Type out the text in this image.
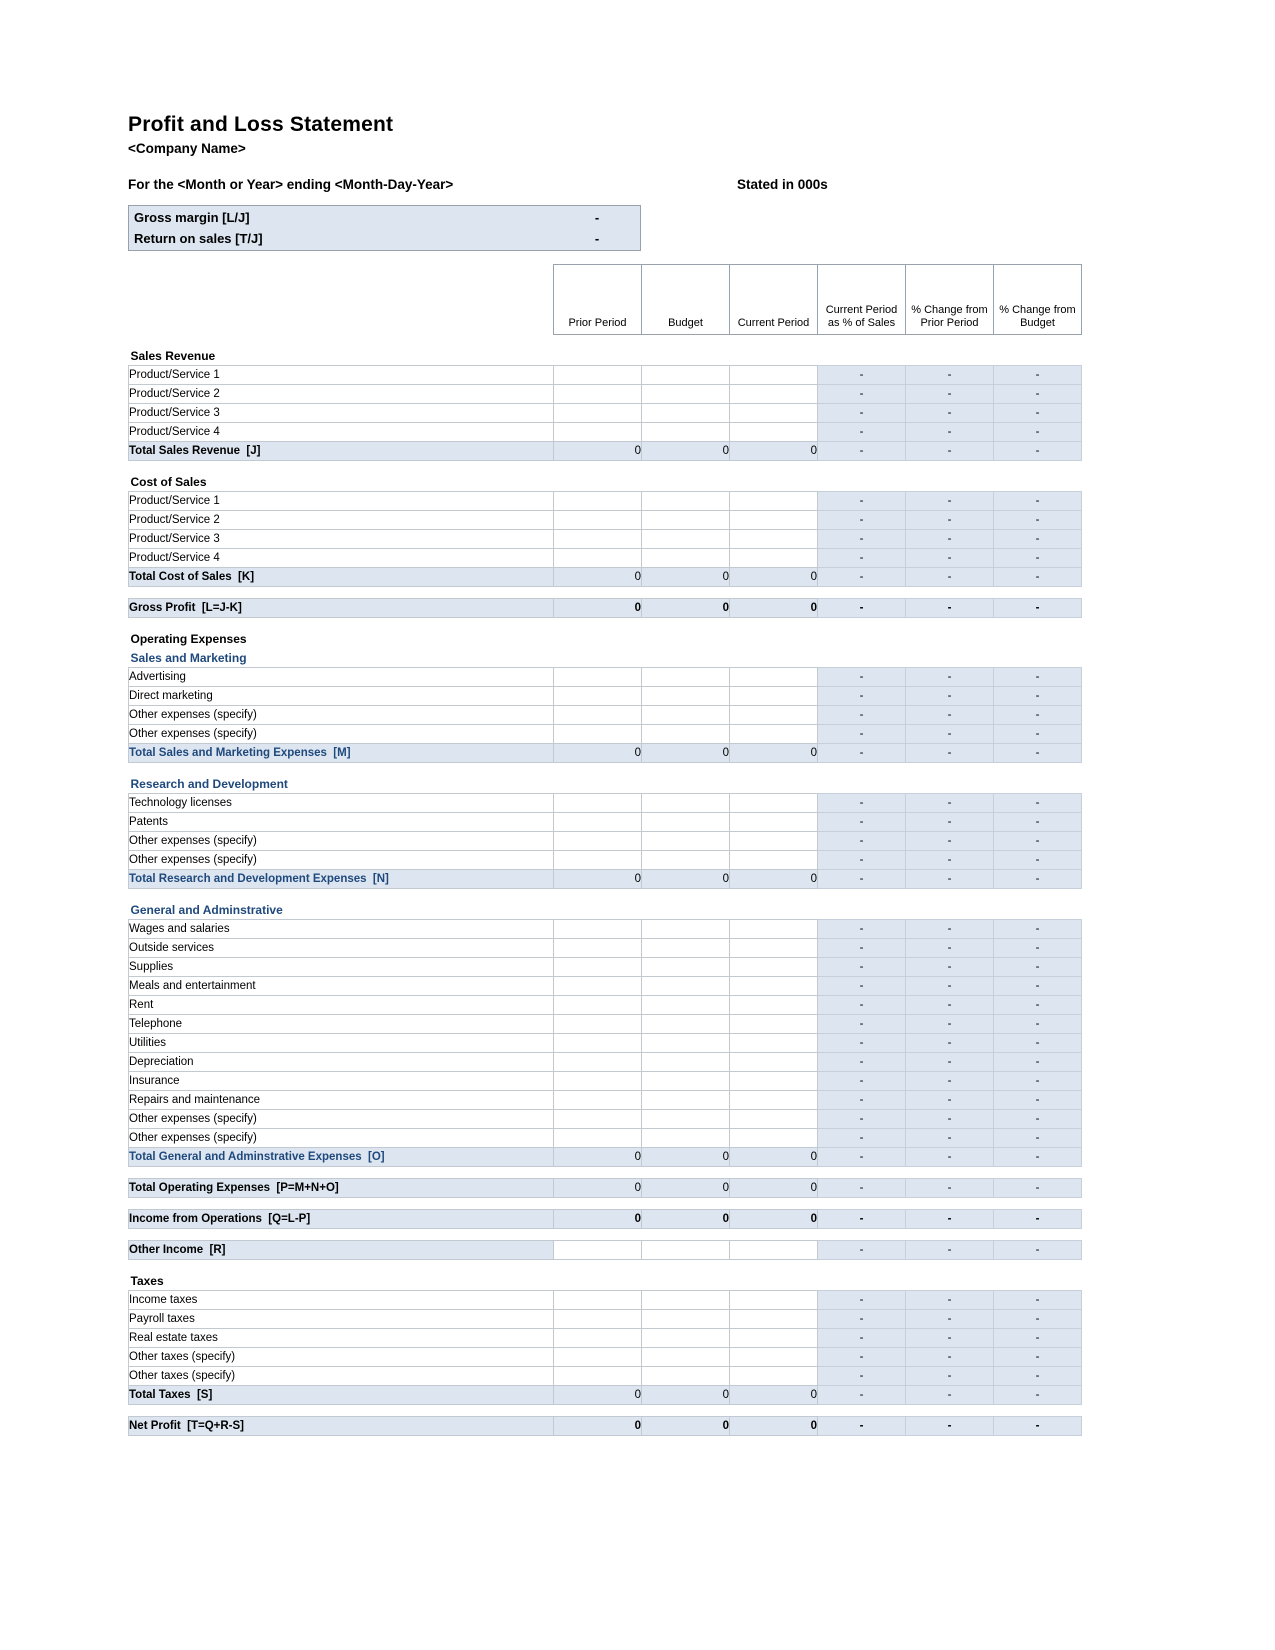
Profit and Loss Statement
<Company Name>
For the <Month or Year> ending <Month-Day-Year>	Stated in 000s
Gross margin [L/J]	-
Return on sales [T/J]	-
	Prior Period	Budget	Current Period	Current Period as % of Sales	% Change from Prior Period	% Change from Budget

Sales Revenue						
Product/Service 1				-	-	-
Product/Service 2				-	-	-
Product/Service 3				-	-	-
Product/Service 4				-	-	-
Total Sales Revenue  [J]	0	0	0	-	-	-

Cost of Sales						
Product/Service 1				-	-	-
Product/Service 2				-	-	-
Product/Service 3				-	-	-
Product/Service 4				-	-	-
Total Cost of Sales  [K]	0	0	0	-	-	-

Gross Profit  [L=J-K]	0	0	0	-	-	-

Operating Expenses						
Sales and Marketing						
Advertising				-	-	-
Direct marketing				-	-	-
Other expenses (specify)				-	-	-
Other expenses (specify)				-	-	-
Total Sales and Marketing Expenses  [M]	0	0	0	-	-	-

Research and Development						
Technology licenses				-	-	-
Patents				-	-	-
Other expenses (specify)				-	-	-
Other expenses (specify)				-	-	-
Total Research and Development Expenses  [N]	0	0	0	-	-	-

General and Adminstrative						
Wages and salaries				-	-	-
Outside services				-	-	-
Supplies				-	-	-
Meals and entertainment				-	-	-
Rent				-	-	-
Telephone				-	-	-
Utilities				-	-	-
Depreciation				-	-	-
Insurance				-	-	-
Repairs and maintenance				-	-	-
Other expenses (specify)				-	-	-
Other expenses (specify)				-	-	-
Total General and Adminstrative Expenses  [O]	0	0	0	-	-	-

Total Operating Expenses  [P=M+N+O]	0	0	0	-	-	-

Income from Operations  [Q=L-P]	0	0	0	-	-	-

Other Income  [R]				-	-	-

Taxes						
Income taxes				-	-	-
Payroll taxes				-	-	-
Real estate taxes				-	-	-
Other taxes (specify)				-	-	-
Other taxes (specify)				-	-	-
Total Taxes  [S]	0	0	0	-	-	-

Net Profit  [T=Q+R-S]	0	0	0	-	-	-
